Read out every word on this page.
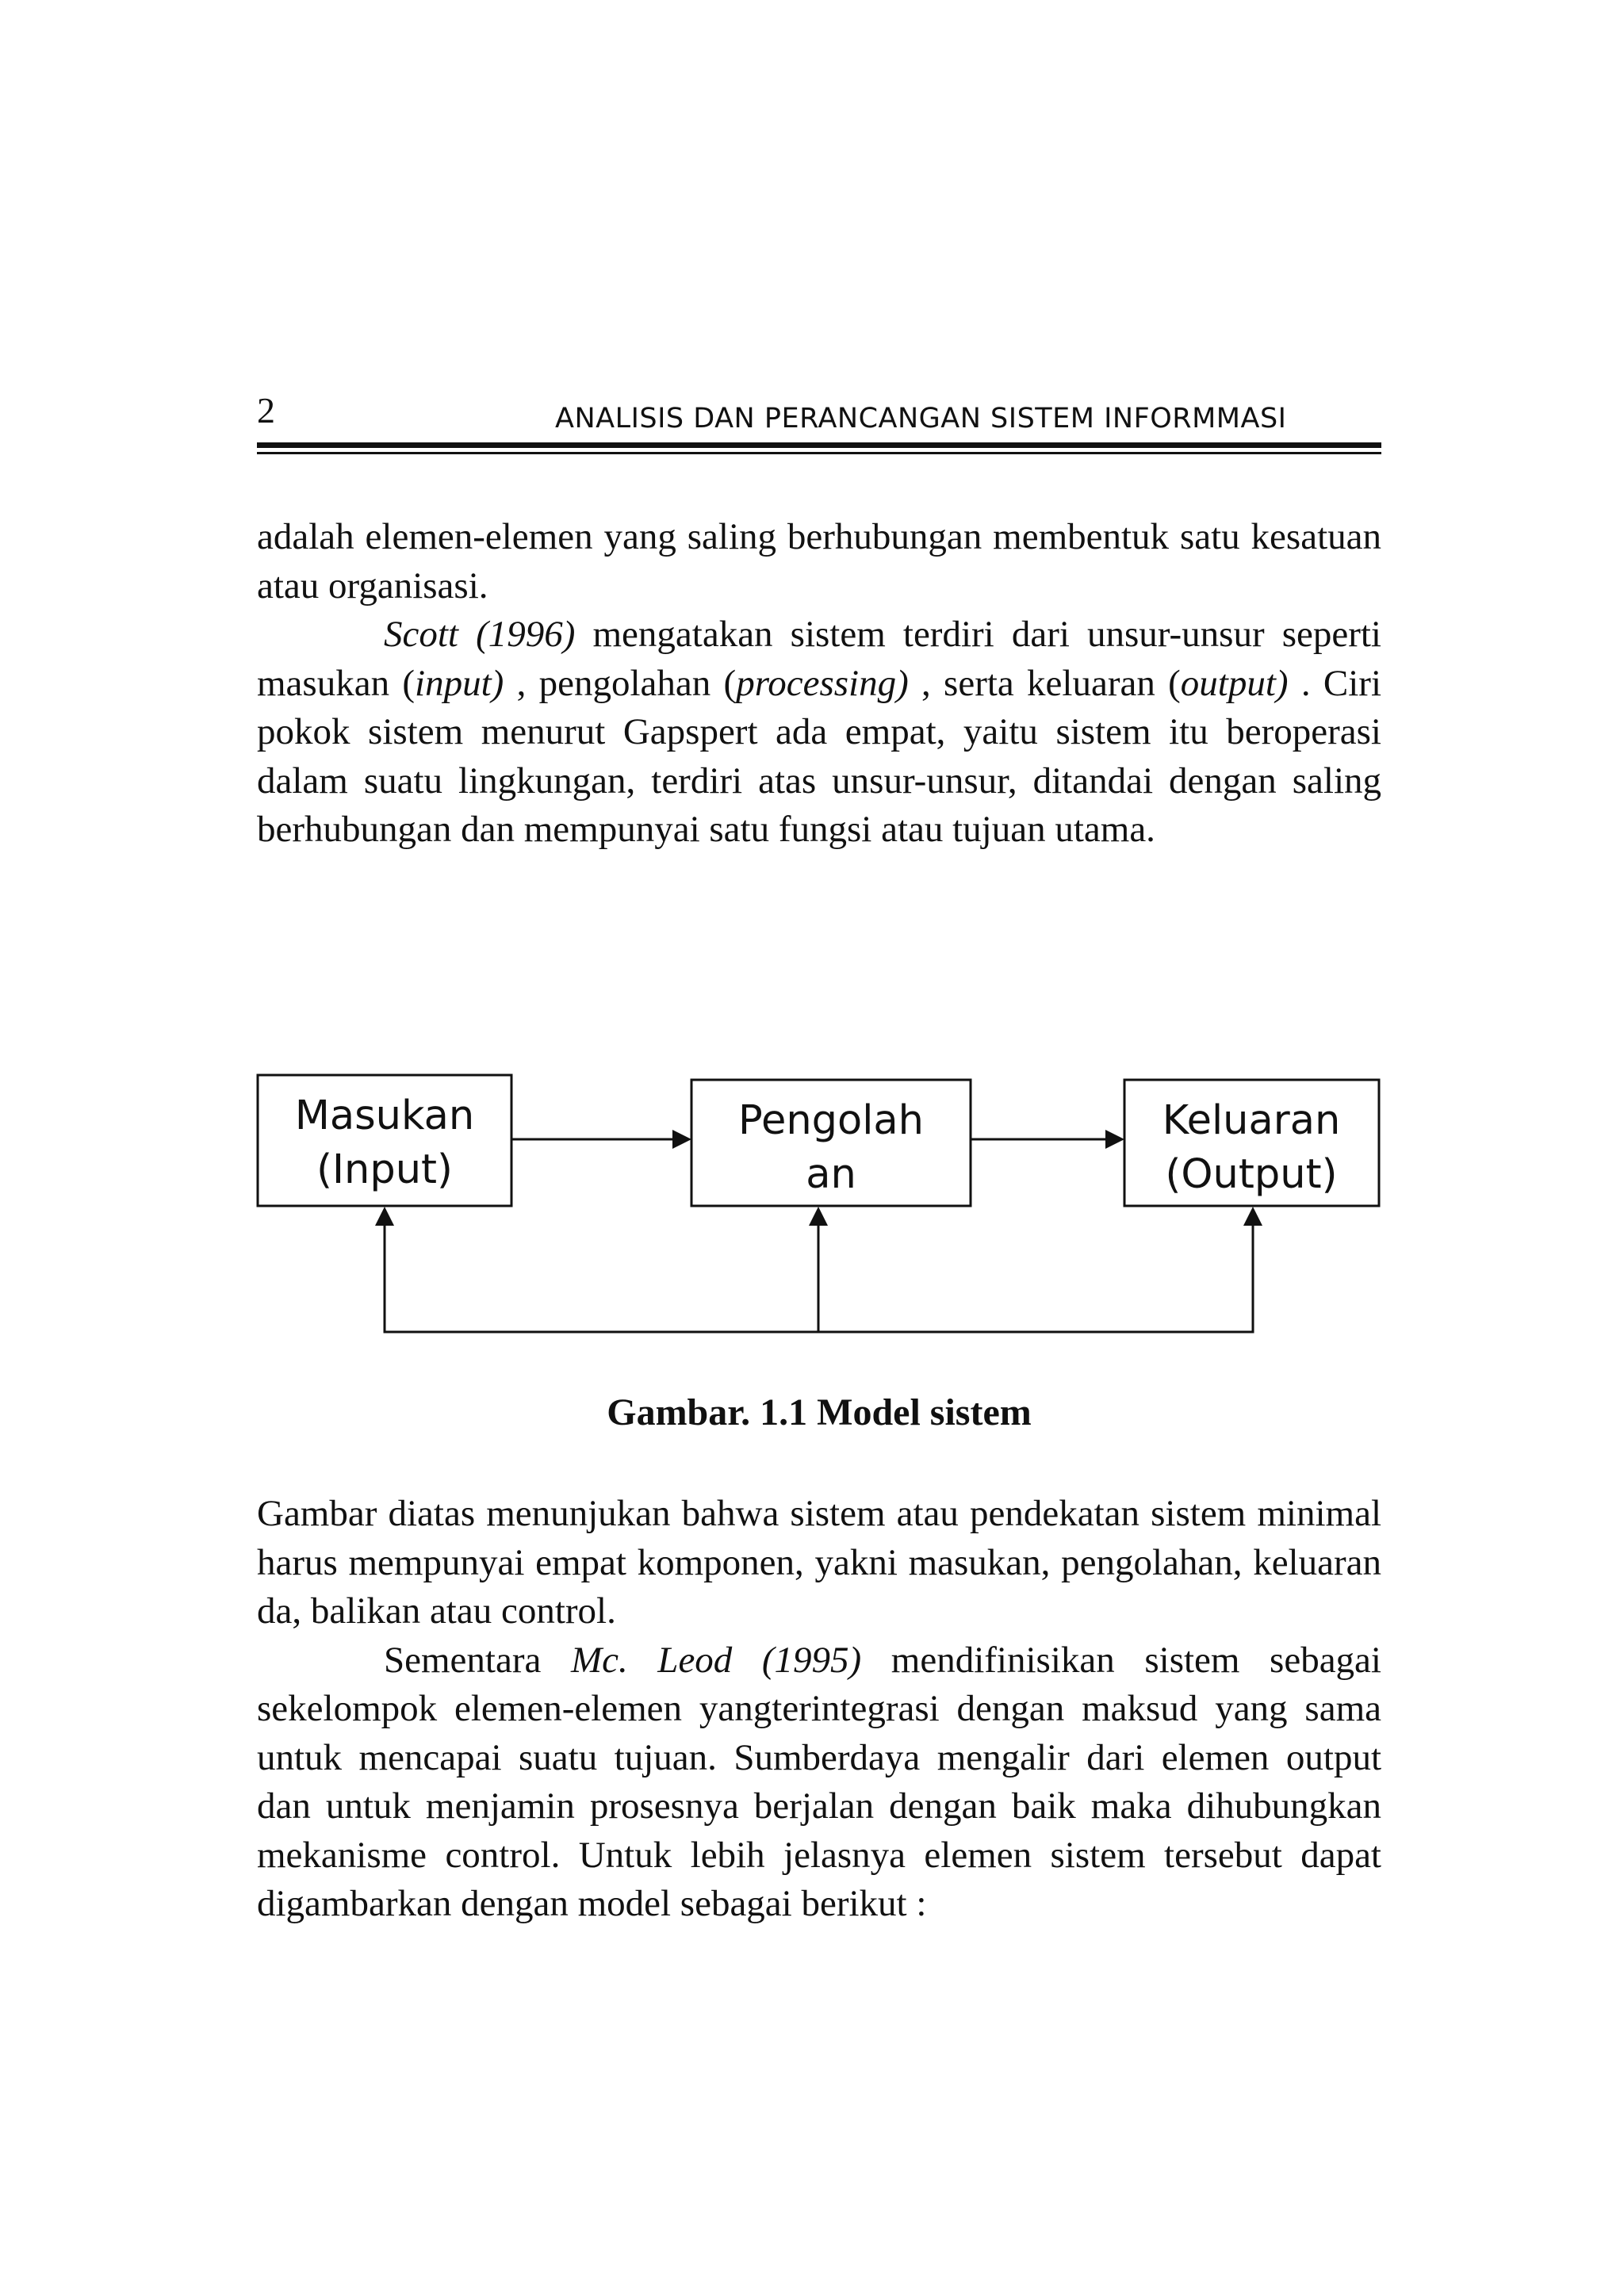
2	ANALISIS DAN PERANCANGAN SISTEM INFORMMASI

adalah elemen-elemen yang saling berhubungan membentuk satu kesatuan atau organisasi.

Scott (1996) mengatakan sistem terdiri dari unsur-unsur seperti masukan (input) , pengolahan (processing) , serta keluaran (output) . Ciri pokok sistem menurut Gapspert ada empat, yaitu sistem itu beroperasi dalam suatu lingkungan, terdiri atas unsur-unsur, ditandai dengan saling berhubungan dan mempunyai satu fungsi atau tujuan utama.

Masukan
(Input)
Pengolah
an
Keluaran
(Output)
Gambar. 1.1 Model sistem

Gambar diatas menunjukan bahwa sistem atau pendekatan sistem minimal harus mempunyai empat komponen, yakni masukan, pengolahan, keluaran da, balikan atau control.

Sementara Mc. Leod (1995) mendifinisikan sistem sebagai sekelompok elemen-elemen yangterintegrasi dengan maksud yang sama untuk mencapai suatu tujuan. Sumberdaya mengalir dari elemen output dan untuk menjamin prosesnya berjalan dengan baik maka dihubungkan mekanisme control. Untuk lebih jelasnya elemen sistem tersebut dapat digambarkan dengan model sebagai berikut :
